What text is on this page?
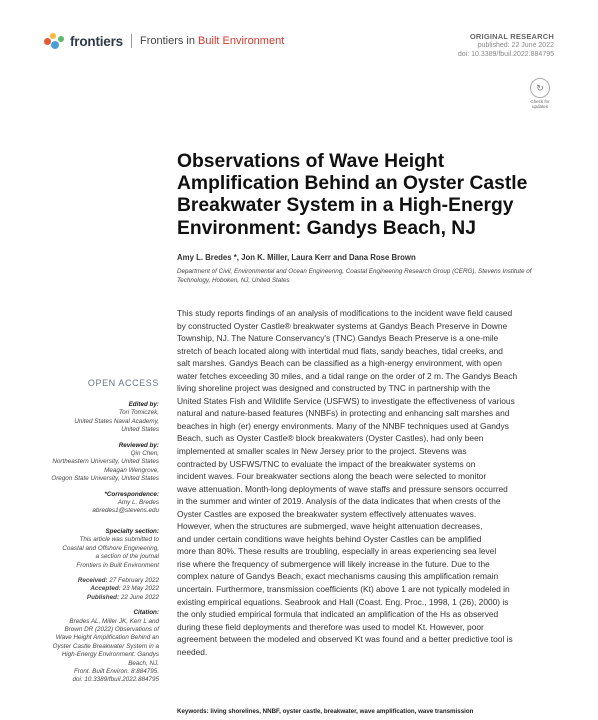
frontiers Frontiers in Built Environment	ORIGINAL RESEARCH
published: 22 June 2022
doi: 10.3389/fbuil.2022.884795
↻
Check for updates
Observations of Wave Height
Amplification Behind an Oyster Castle
Breakwater System in a High-Energy
Environment: Gandys Beach, NJ
Amy L. Bredes *, Jon K. Miller, Laura Kerr and Dana Rose Brown
Department of Civil, Environmental and Ocean Engineering, Coastal Engineering Research Group (CERG), Stevens Institute of
Technology, Hoboken, NJ, United States
This study reports findings of an analysis of modifications to the incident wave field caused
by constructed Oyster Castle® breakwater systems at Gandys Beach Preserve in Downe
Township, NJ. The Nature Conservancy's (TNC) Gandys Beach Preserve is a one-mile
stretch of beach located along with intertidal mud flats, sandy beaches, tidal creeks, and
salt marshes. Gandys Beach can be classified as a high-energy environment, with open
water fetches exceeding 30 miles, and a tidal range on the order of 2 m. The Gandys Beach
living shoreline project was designed and constructed by TNC in partnership with the
United States Fish and Wildlife Service (USFWS) to investigate the effectiveness of various
natural and nature-based features (NNBFs) in protecting and enhancing salt marshes and
beaches in high (er) energy environments. Many of the NNBF techniques used at Gandys
Beach, such as Oyster Castle® block breakwaters (Oyster Castles), had only been
implemented at smaller scales in New Jersey prior to the project. Stevens was
contracted by USFWS/TNC to evaluate the impact of the breakwater systems on
incident waves. Four breakwater sections along the beach were selected to monitor
wave attenuation. Month-long deployments of wave staffs and pressure sensors occurred
in the summer and winter of 2019. Analysis of the data indicates that when crests of the
Oyster Castles are exposed the breakwater system effectively attenuates waves.
However, when the structures are submerged, wave height attenuation decreases,
and under certain conditions wave heights behind Oyster Castles can be amplified
more than 80%. These results are troubling, especially in areas experiencing sea level
rise where the frequency of submergence will likely increase in the future. Due to the
complex nature of Gandys Beach, exact mechanisms causing this amplification remain
uncertain. Furthermore, transmission coefficients (Kt) above 1 are not typically modeled in
existing empirical equations. Seabrook and Hall (Coast. Eng. Proc., 1998, 1 (26), 2000) is
the only studied empirical formula that indicated an amplification of the Hs as observed
during these field deployments and therefore was used to model Kt. However, poor
agreement between the modeled and observed Kt was found and a better predictive tool is
needed.
Keywords: living shorelines, NNBF, oyster castle, breakwater, wave amplification, wave transmission
OPEN ACCESS
Edited by:
Tori Tomiczek,
United States Naval Academy,
United States
Reviewed by:
Qin Chen,
Northeastern University, United States
Meagan Wengrove,
Oregon State University, United States
*Correspondence:
Amy L. Bredes
abredes1@stevens.edu
Specialty section:
This article was submitted to
Coastal and Offshore Engineering,
a section of the journal
Frontiers in Built Environment
Received: 27 February 2022
Accepted: 23 May 2022
Published: 22 June 2022
Citation:
Bredes AL, Miller JK, Kerr L and
Brown DR (2022) Observations of
Wave Height Amplification Behind an
Oyster Castle Breakwater System in a
High-Energy Environment: Gandys
Beach, NJ.
Front. Built Environ. 8:884795.
doi: 10.3389/fbuil.2022.884795
